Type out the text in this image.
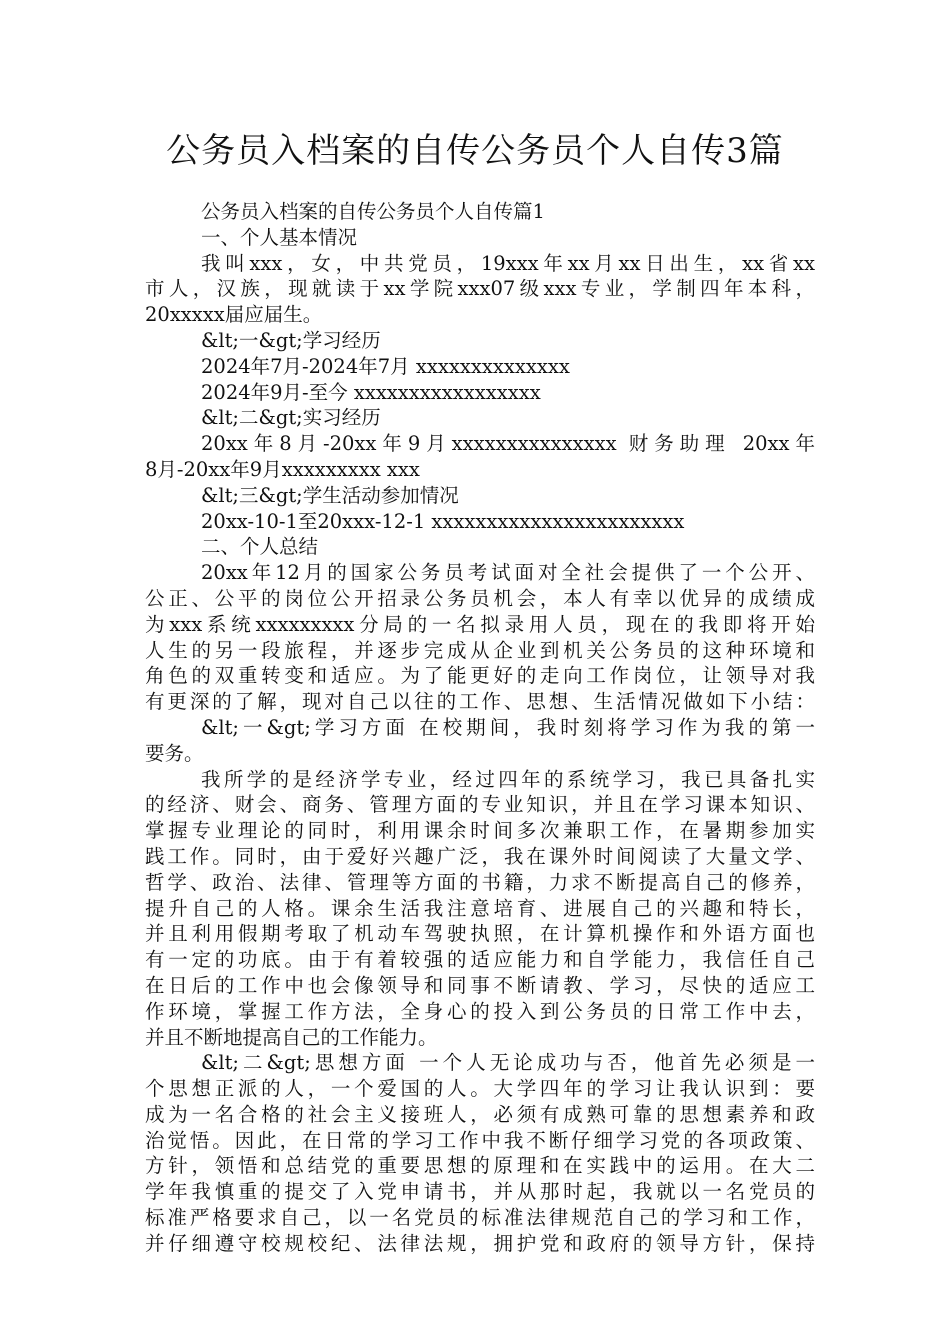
公务员入档案的自传公务员个人自传3篇
公务员入档案的自传公务员个人自传篇1
一、个人基本情况
我叫xxx，女，中共党员，19xxx年xx月xx日出生，xx省xx
市人，汉族，现就读于xx学院xxx07级xxx专业，学制四年本科，
20xxxxx届应届生。
&lt;一&gt;学习经历
2024年7月-2024年7月 xxxxxxxxxxxxxx
2024年9月-至今 xxxxxxxxxxxxxxxxx
&lt;二&gt;实习经历
20xx年8月-20xx年9月xxxxxxxxxxxxxxx 财务助理 20xx年
8月-20xx年9月xxxxxxxxx xxx
&lt;三&gt;学生活动参加情况
20xx-10-1至20xxx-12-1 xxxxxxxxxxxxxxxxxxxxxxx
二、个人总结
20xx年12月的国家公务员考试面对全社会提供了一个公开、
公正、公平的岗位公开招录公务员机会，本人有幸以优异的成绩成
为xxx系统xxxxxxxxx分局的一名拟录用人员，现在的我即将开始
人生的另一段旅程，并逐步完成从企业到机关公务员的这种环境和
角色的双重转变和适应。为了能更好的走向工作岗位，让领导对我
有更深的了解，现对自己以往的工作、思想、生活情况做如下小结：
&lt;一&gt;学习方面 在校期间，我时刻将学习作为我的第一
要务。
我所学的是经济学专业，经过四年的系统学习，我已具备扎实
的经济、财会、商务、管理方面的专业知识，并且在学习课本知识、
掌握专业理论的同时，利用课余时间多次兼职工作，在暑期参加实
践工作。同时，由于爱好兴趣广泛，我在课外时间阅读了大量文学、
哲学、政治、法律、管理等方面的书籍，力求不断提高自己的修养，
提升自己的人格。课余生活我注意培育、进展自己的兴趣和特长，
并且利用假期考取了机动车驾驶执照，在计算机操作和外语方面也
有一定的功底。由于有着较强的适应能力和自学能力，我信任自己
在日后的工作中也会像领导和同事不断请教、学习，尽快的适应工
作环境，掌握工作方法，全身心的投入到公务员的日常工作中去，
并且不断地提高自己的工作能力。
&lt;二&gt;思想方面 一个人无论成功与否，他首先必须是一
个思想正派的人，一个爱国的人。大学四年的学习让我认识到：要
成为一名合格的社会主义接班人，必须有成熟可靠的思想素养和政
治觉悟。因此，在日常的学习工作中我不断仔细学习党的各项政策、
方针，领悟和总结党的重要思想的原理和在实践中的运用。在大二
学年我慎重的提交了入党申请书，并从那时起，我就以一名党员的
标准严格要求自己，以一名党员的标准法律规范自己的学习和工作，
并仔细遵守校规校纪、法律法规，拥护党和政府的领导方针，保持
